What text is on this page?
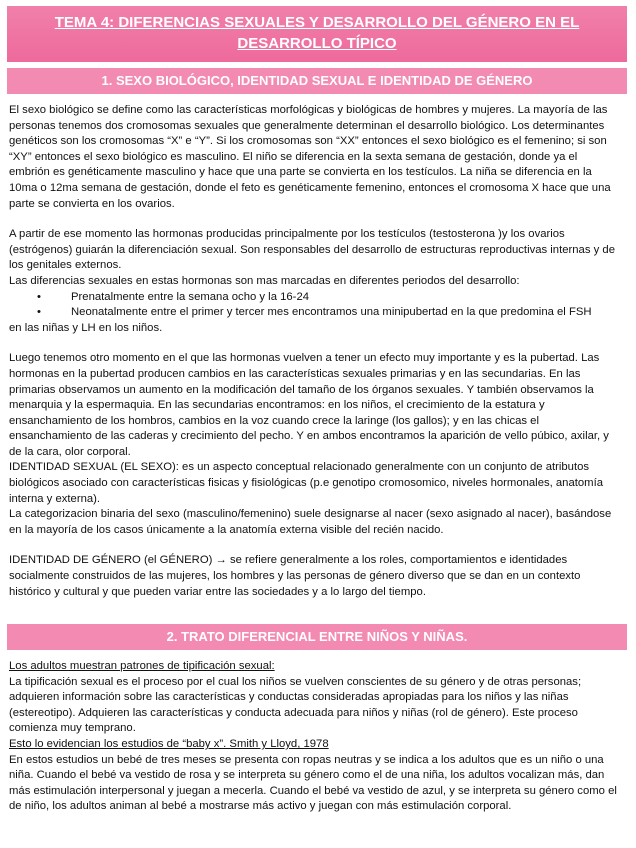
TEMA 4: DIFERENCIAS SEXUALES Y DESARROLLO DEL GÉNERO EN EL DESARROLLO TÍPICO
1. SEXO BIOLÓGICO, IDENTIDAD SEXUAL E IDENTIDAD DE GÉNERO

El sexo biológico se define como las características morfológicas y biológicas de hombres y mujeres. La mayoría de las personas tenemos dos cromosomas sexuales que generalmente determinan el desarrollo biológico. Los determinantes genéticos son los cromosomas “X” e “Y”. Si los cromosomas son “XX” entonces el sexo biológico es el femenino; si son “XY” entonces el sexo biológico es masculino. El niño se diferencia en la sexta semana de gestación, donde ya el embrión es genéticamente masculino y hace que una parte se convierta en los testículos. La niña se diferencia en la 10ma o 12ma semana de gestación, donde el feto es genéticamente femenino, entonces el cromosoma X hace que una parte se convierta en los ovarios.

A partir de ese momento las hormonas producidas principalmente por los testículos (testosterona )y los ovarios (estrógenos) guiarán la diferenciación sexual. Son responsables del desarrollo de estructuras reproductivas internas y de los genitales externos.

Las diferencias sexuales en estas hormonas son mas marcadas en diferentes periodos del desarrollo:

•	Prenatalmente entre la semana ocho y la 16-24

•	Neonatalmente entre el primer y tercer mes encontramos una minipubertad en la que predomina el FSH

en las niñas y LH en los niños.

Luego tenemos otro momento en el que las hormonas vuelven a tener un efecto muy importante y es la pubertad. Las hormonas en la pubertad producen cambios en las características sexuales primarias y en las secundarias. En las primarias observamos un aumento en la modificación del tamaño de los órganos sexuales. Y también observamos la menarquia y la espermaquia. En las secundarias encontramos: en los niños, el crecimiento de la estatura y ensanchamiento de los hombros, cambios en la voz cuando crece la laringe (los gallos); y en las chicas el ensanchamiento de las caderas y crecimiento del pecho. Y en ambos encontramos la aparición de vello púbico, axilar, y de la cara, olor corporal.

IDENTIDAD SEXUAL (EL SEXO): es un aspecto conceptual relacionado generalmente con un conjunto de atributos biológicos asociado con características fisicas y fisiológicas (p.e genotipo cromosomico, niveles hormonales, anatomía interna y externa).

La categorizacion binaria del sexo (masculino/femenino) suele designarse al nacer (sexo asignado al nacer), basándose en la mayoría de los casos únicamente a la anatomía externa visible del recién nacido.

IDENTIDAD DE GÉNERO (el GÉNERO) → se refiere generalmente a los roles, comportamientos e identidades socialmente construidos de las mujeres, los hombres y las personas de género diverso que se dan en un contexto histórico y cultural y que pueden variar entre las sociedades y a lo largo del tiempo.

2. TRATO DIFERENCIAL ENTRE NIÑOS Y NIÑAS.

Los adultos muestran patrones de tipificación sexual:

La tipificación sexual es el proceso por el cual los niños se vuelven conscientes de su género y de otras personas; adquieren información sobre las características y conductas consideradas apropiadas para los niños y las niñas (estereotipo). Adquieren las características y conducta adecuada para niños y niñas (rol de género). Este proceso comienza muy temprano.

Esto lo evidencian los estudios de “baby x”. Smith y Lloyd, 1978

En estos estudios un bebé de tres meses se presenta con ropas neutras y se indica a los adultos que es un niño o una niña. Cuando el bebé va vestido de rosa y se interpreta su género como el de una niña, los adultos vocalizan más, dan más estimulación interpersonal y juegan a mecerla. Cuando el bebé va vestido de azul, y se interpreta su género como el de niño, los adultos animan al bebé a mostrarse más activo y juegan con más estimulación corporal.
